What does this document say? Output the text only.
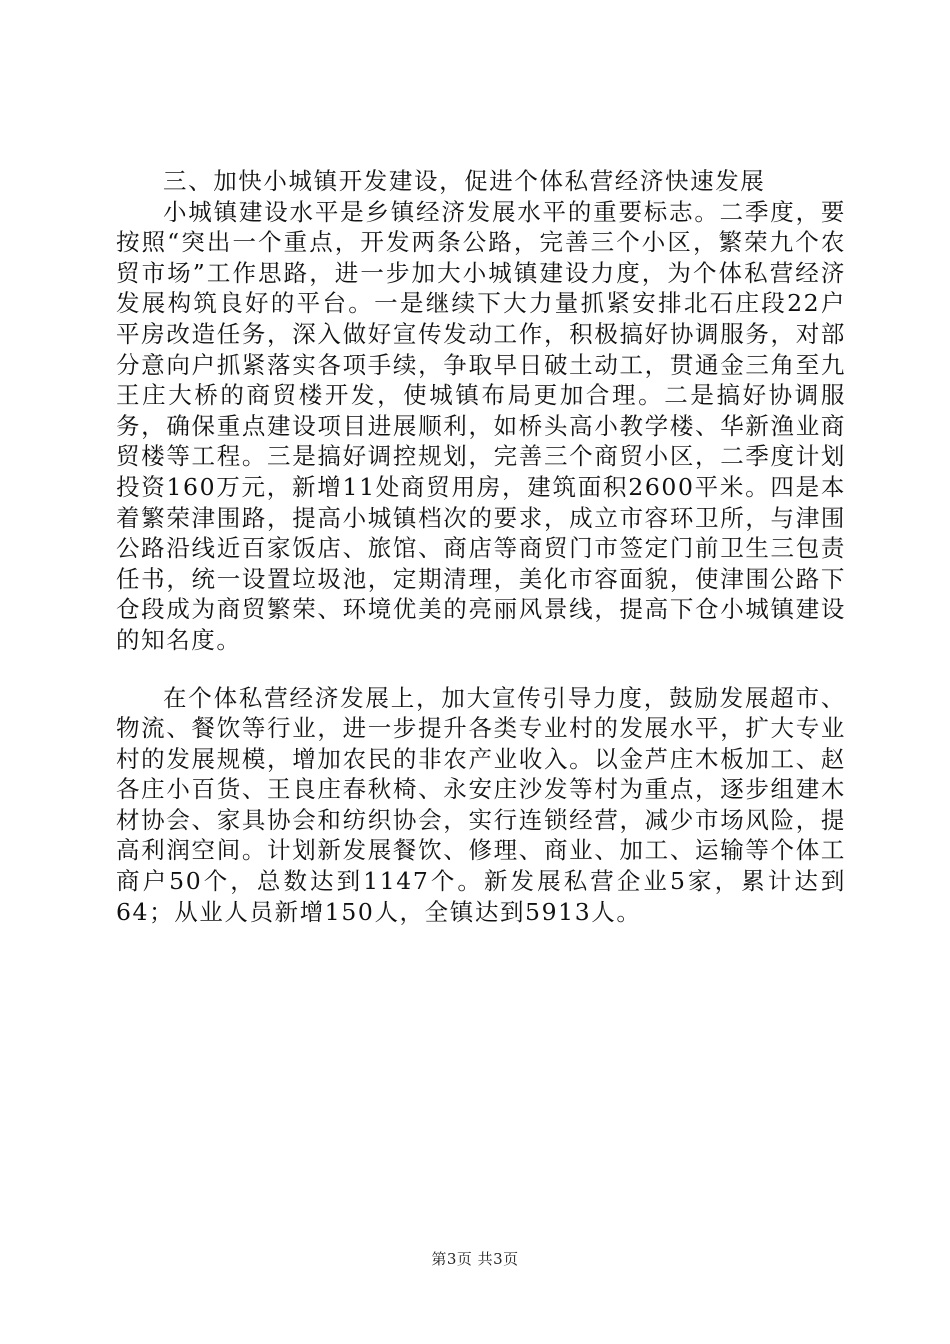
三、加快小城镇开发建设，促进个体私营经济快速发展

小城镇建设水平是乡镇经济发展水平的重要标志。二季度，要按照“突出一个重点，开发两条公路，完善三个小区，繁荣九个农贸市场”工作思路，进一步加大小城镇建设力度，为个体私营经济发展构筑良好的平台。一是继续下大力量抓紧安排北石庄段22户平房改造任务，深入做好宣传发动工作，积极搞好协调服务，对部分意向户抓紧落实各项手续，争取早日破土动工，贯通金三角至九王庄大桥的商贸楼开发，使城镇布局更加合理。二是搞好协调服务，确保重点建设项目进展顺利，如桥头高小教学楼、华新渔业商贸楼等工程。三是搞好调控规划，完善三个商贸小区，二季度计划投资160万元，新增11处商贸用房，建筑面积2600平米。四是本着繁荣津围路，提高小城镇档次的要求，成立市容环卫所，与津围公路沿线近百家饭店、旅馆、商店等商贸门市签定门前卫生三包责任书，统一设置垃圾池，定期清理，美化市容面貌，使津围公路下仓段成为商贸繁荣、环境优美的亮丽风景线，提高下仓小城镇建设的知名度。

在个体私营经济发展上，加大宣传引导力度，鼓励发展超市、物流、餐饮等行业，进一步提升各类专业村的发展水平，扩大专业村的发展规模，增加农民的非农产业收入。以金芦庄木板加工、赵各庄小百货、王良庄春秋椅、永安庄沙发等村为重点，逐步组建木材协会、家具协会和纺织协会，实行连锁经营，减少市场风险，提高利润空间。计划新发展餐饮、修理、商业、加工、运输等个体工商户50个，总数达到1147个。新发展私营企业5家，累计达到64；从业人员新增150人，全镇达到5913人。

第3页 共3页
